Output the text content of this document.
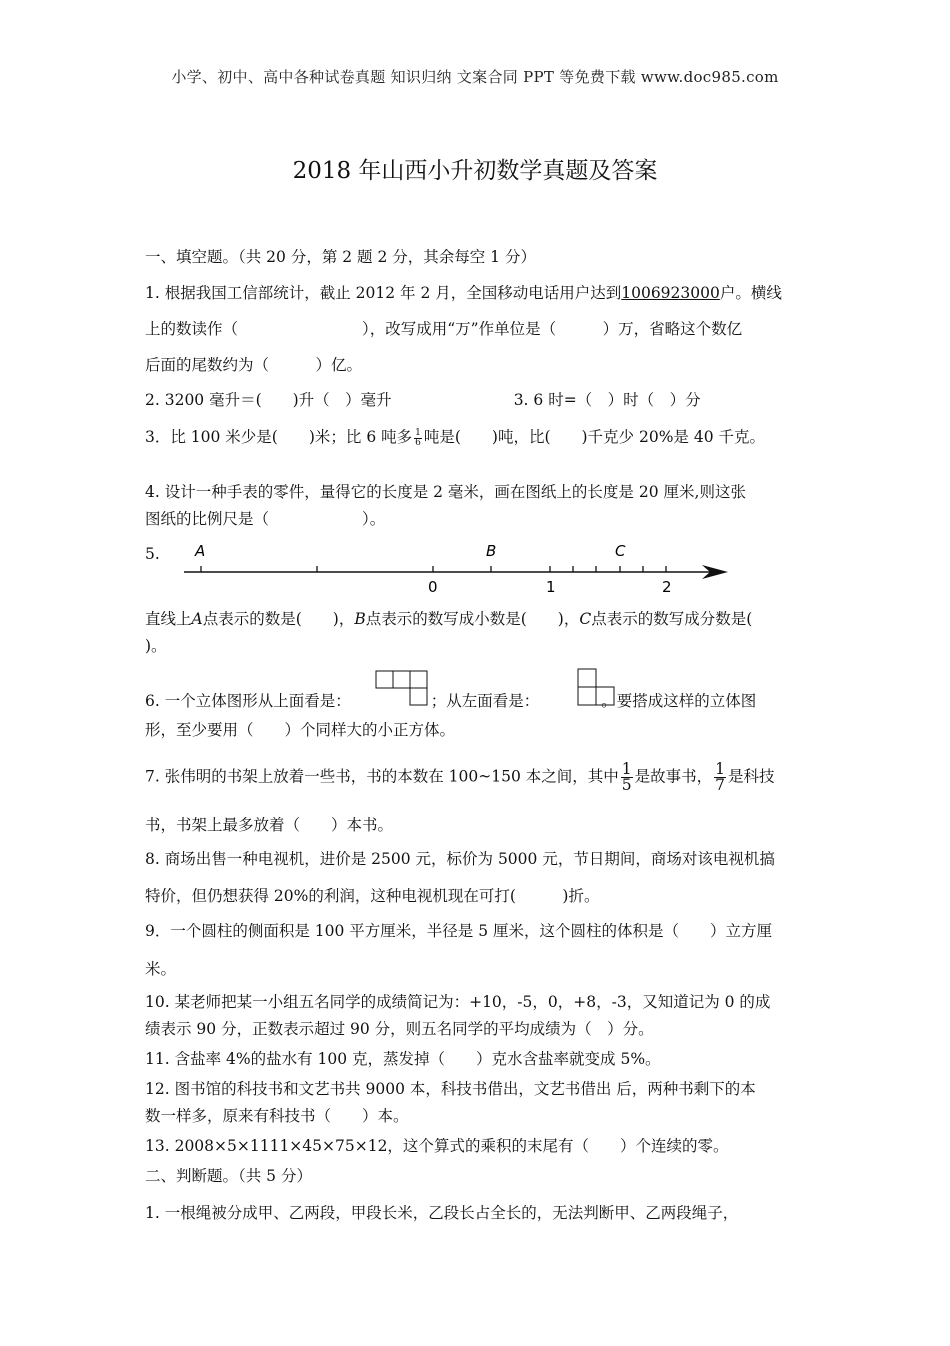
小学、初中、高中各种试卷真题 知识归纳 文案合同 PPT 等免费下载 www.doc985.com
2018 年山西小升初数学真题及答案
一、填空题。（共 20 分，第 2 题 2 分，其余每空 1 分）
1. 根据我国工信部统计，截止 2012 年 2 月，全国移动电话用户达到1006923000户。横线
上的数读作（　　　　　　　　），改写成用“万”作单位是（　　　）万，省略这个数亿
后面的尾数约为（　　　）亿。
2. 3200 毫升＝(　　)升（　）毫升	3. 6 时=（　）时（　）分
3．比 100 米少是(　　)米；比 6 吨多 $\frac{1}{6}$ 吨是(　　)吨，比(　　)千克少 20%是 40 千克。
4. 设计一种手表的零件，量得它的长度是 2 毫米，画在图纸上的长度是 20 厘米,则这张
图纸的比例尺是（　　　　　　）。
5.	A	B	C
0	1	2
直线上A点表示的数是(　　)，B点表示的数写成小数是(　　)，C点表示的数写成分数是(
)。
6. 一个立体图形从上面看是：	；从左面看是：	。要搭成这样的立体图
形，至少要用（　　）个同样大的小正方体。
7. 张伟明的书架上放着一些书，书的本数在 100~150 本之间，其中 $\frac{1}{5}$ 是故事书， $\frac{1}{7}$ 是科技
书，书架上最多放着（　　）本书。
8. 商场出售一种电视机，进价是 2500 元，标价为 5000 元，节日期间，商场对该电视机搞
特价，但仍想获得 20%的利润，这种电视机现在可打(　　　)折。
9．一个圆柱的侧面积是 100 平方厘米，半径是 5 厘米，这个圆柱的体积是（　　）立方厘
米。
10. 某老师把某一小组五名同学的成绩简记为：+10，-5，0，+8，-3，又知道记为 0 的成
绩表示 90 分，正数表示超过 90 分，则五名同学的平均成绩为（　）分。
11. 含盐率 4%的盐水有 100 克，蒸发掉（　　）克水含盐率就变成 5%。
12. 图书馆的科技书和文艺书共 9000 本，科技书借出，文艺书借出 后，两种书剩下的本
数一样多，原来有科技书（　　）本。
13. 2008×5×1111×45×75×12，这个算式的乘积的末尾有（　　）个连续的零。
二、判断题。（共 5 分）
1. 一根绳被分成甲、乙两段，甲段长米，乙段长占全长的，无法判断甲、乙两段绳子，
